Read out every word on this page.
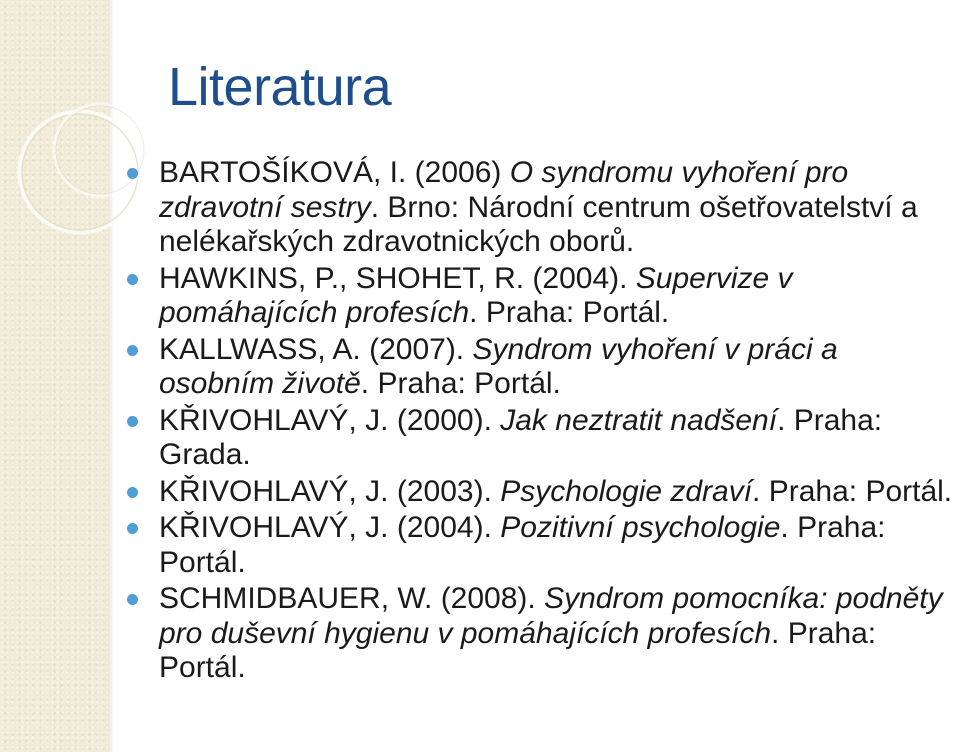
Literatura
BARTOŠÍKOVÁ, I. (2006) O syndromu vyhoření pro zdravotní sestry. Brno: Národní centrum ošetřovatelství a nelékařských zdravotnických oborů.
HAWKINS, P., SHOHET, R. (2004). Supervize v pomáhajících profesích. Praha: Portál.
KALLWASS, A. (2007). Syndrom vyhoření v práci a osobním životě. Praha: Portál.
KŘIVOHLAVÝ, J. (2000). Jak neztratit nadšení. Praha: Grada.
KŘIVOHLAVÝ, J. (2003). Psychologie zdraví. Praha: Portál.
KŘIVOHLAVÝ, J. (2004). Pozitivní psychologie. Praha: Portál.
SCHMIDBAUER, W. (2008). Syndrom pomocníka: podněty pro duševní hygienu v pomáhajících profesích. Praha: Portál.
